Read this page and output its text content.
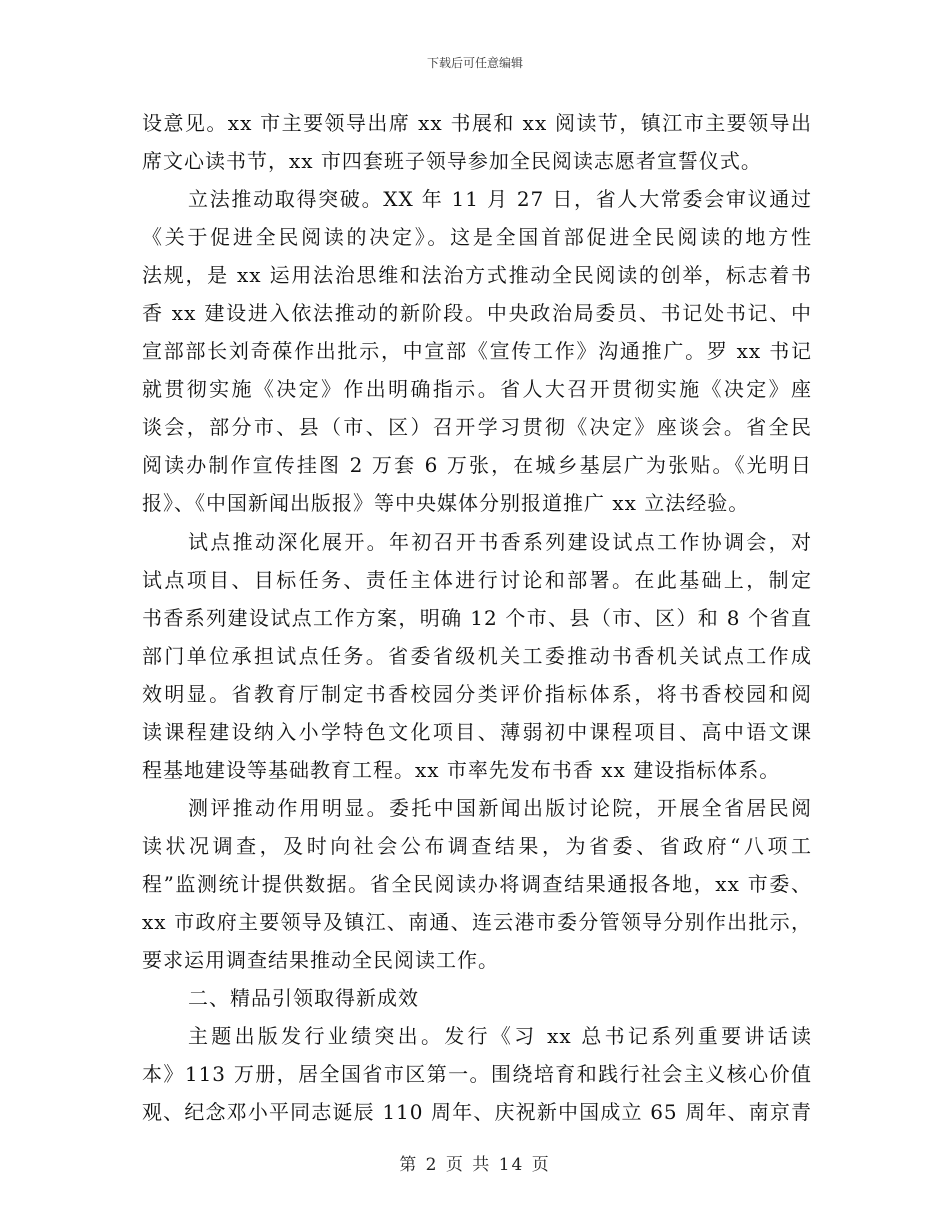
下载后可任意编辑
设意见。xx 市主要领导出席 xx 书展和 xx 阅读节，镇江市主要领导出
席文心读书节，xx 市四套班子领导参加全民阅读志愿者宣誓仪式。
立法推动取得突破。XX 年 11 月 27 日，省人大常委会审议通过
《关于促进全民阅读的决定》。这是全国首部促进全民阅读的地方性
法规，是 xx 运用法治思维和法治方式推动全民阅读的创举，标志着书
香 xx 建设进入依法推动的新阶段。中央政治局委员、书记处书记、中
宣部部长刘奇葆作出批示，中宣部《宣传工作》沟通推广。罗 xx 书记
就贯彻实施《决定》作出明确指示。省人大召开贯彻实施《决定》座
谈会，部分市、县（市、区）召开学习贯彻《决定》座谈会。省全民
阅读办制作宣传挂图 2 万套 6 万张，在城乡基层广为张贴。《光明日
报》、《中国新闻出版报》等中央媒体分别报道推广 xx 立法经验。
试点推动深化展开。年初召开书香系列建设试点工作协调会，对
试点项目、目标任务、责任主体进行讨论和部署。在此基础上，制定
书香系列建设试点工作方案，明确 12 个市、县（市、区）和 8 个省直
部门单位承担试点任务。省委省级机关工委推动书香机关试点工作成
效明显。省教育厅制定书香校园分类评价指标体系，将书香校园和阅
读课程建设纳入小学特色文化项目、薄弱初中课程项目、高中语文课
程基地建设等基础教育工程。xx 市率先发布书香 xx 建设指标体系。
测评推动作用明显。委托中国新闻出版讨论院，开展全省居民阅
读状况调查，及时向社会公布调查结果，为省委、省政府“八项工
程”监测统计提供数据。省全民阅读办将调查结果通报各地，xx 市委、
xx 市政府主要领导及镇江、南通、连云港市委分管领导分别作出批示，
要求运用调查结果推动全民阅读工作。
二、精品引领取得新成效
主题出版发行业绩突出。发行《习 xx 总书记系列重要讲话读
本》113 万册，居全国省市区第一。围绕培育和践行社会主义核心价值
观、纪念邓小平同志诞辰 110 周年、庆祝新中国成立 65 周年、南京青
第 2 页 共 14 页
